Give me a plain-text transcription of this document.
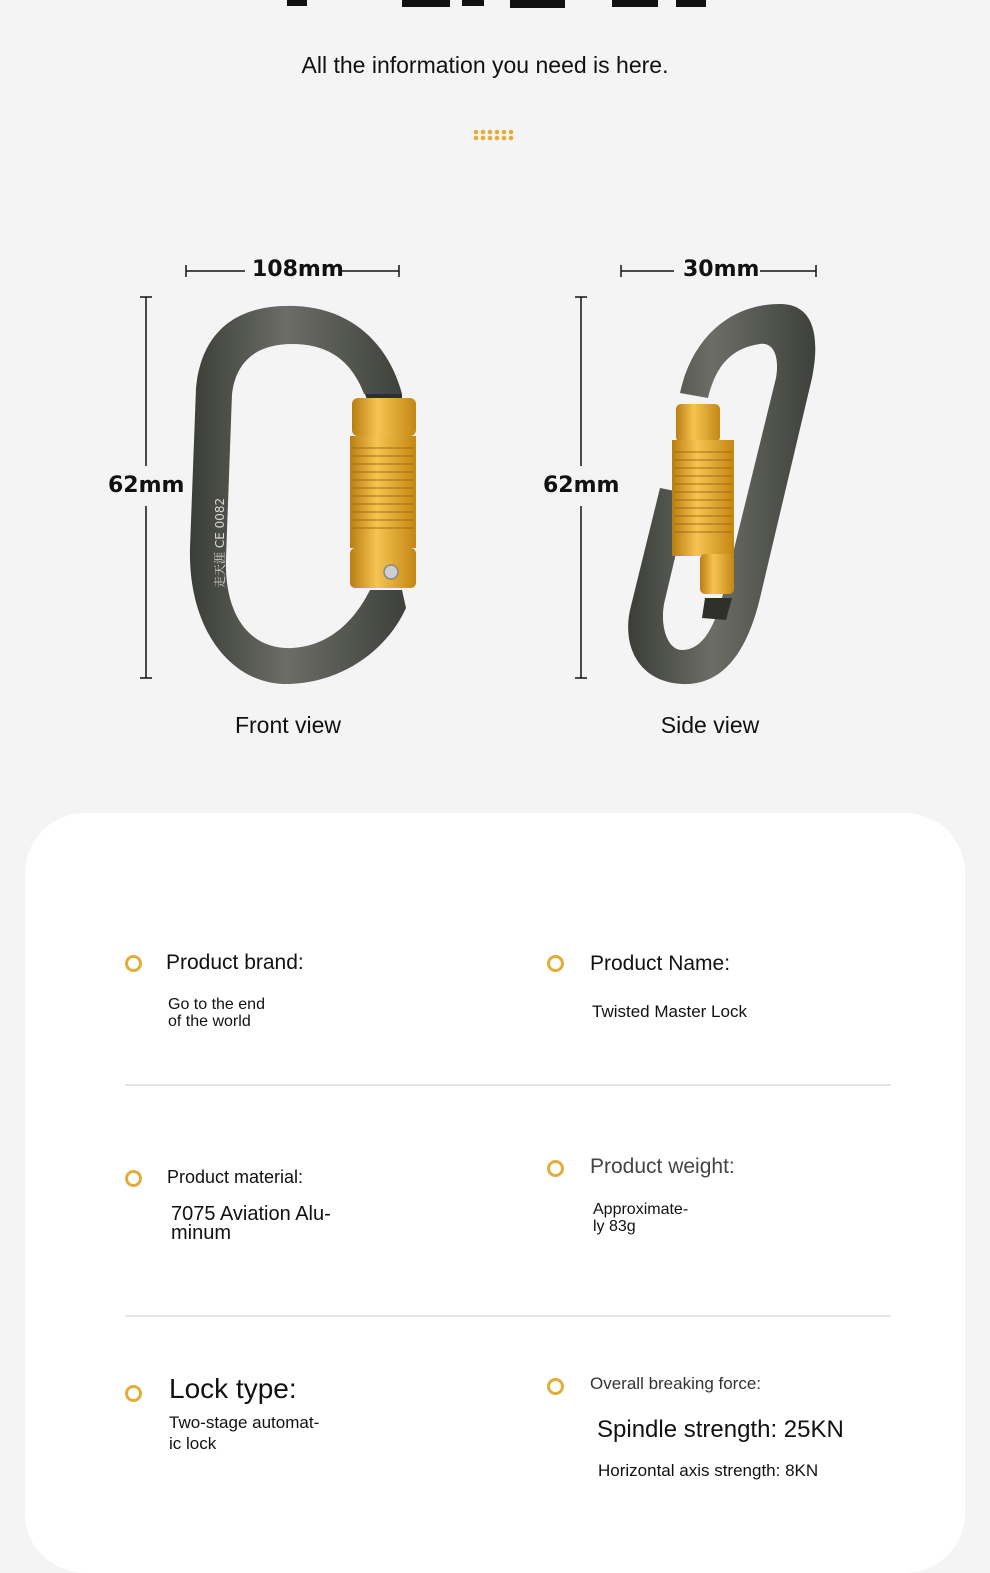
All the information you need is here.
108mm
62mm
走天涯 CE 0082
Front view
30mm
62mm
Side view
Product brand:
Go to the end
of the world
Product Name:
Twisted Master Lock
Product material:
7075 Aviation Alu-
minum
Product weight:
Approximate-
ly 83g
Lock type:
Two-stage automat-
ic lock
Overall breaking force:
Spindle strength: 25KN
Horizontal axis strength: 8KN
